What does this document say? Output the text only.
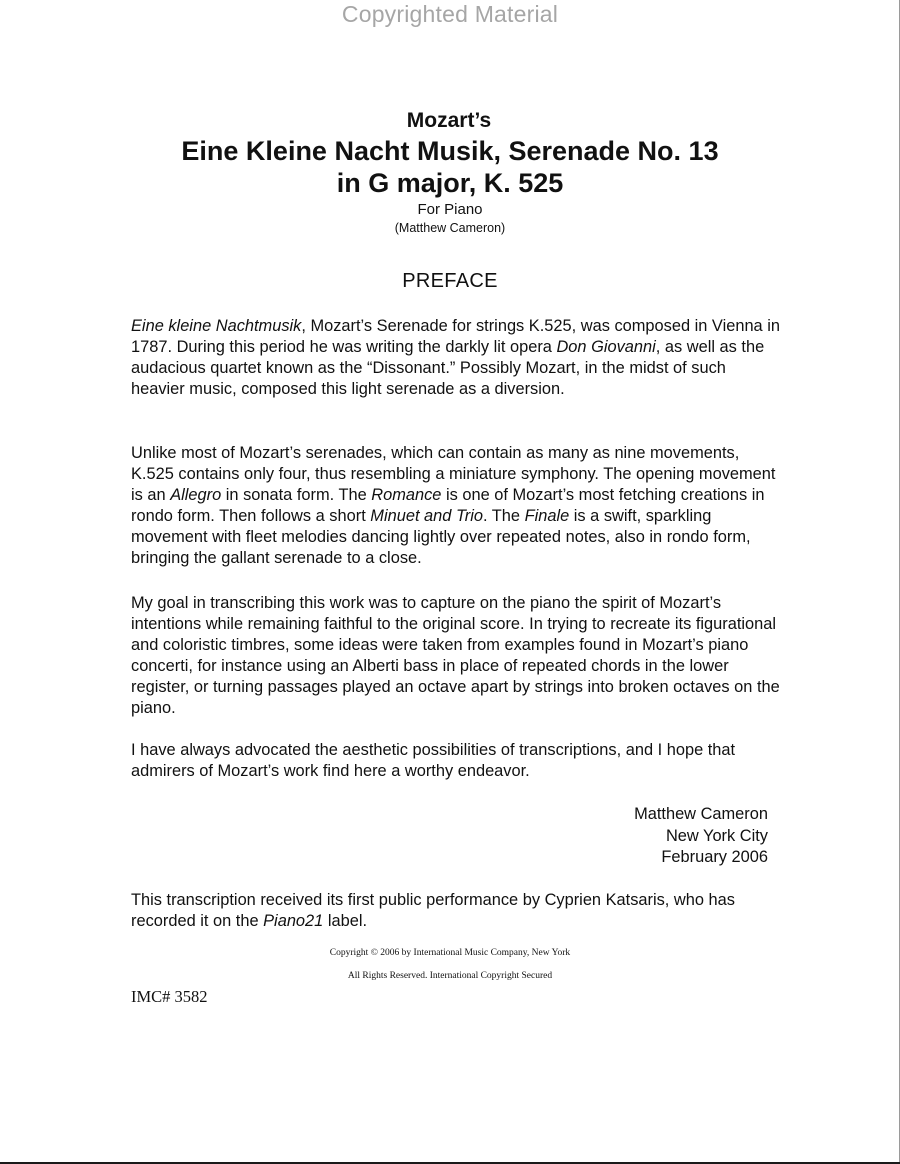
Copyrighted Material
Mozart’s
Eine Kleine Nacht Musik, Serenade No. 13
in G major, K. 525
For Piano
(Matthew Cameron)
PREFACE

Eine kleine Nachtmusik, Mozart’s Serenade for strings K.525, was composed in Vienna in 1787. During this period he was writing the darkly lit opera Don Giovanni, as well as the audacious quartet known as the “Dissonant.” Possibly Mozart, in the midst of such heavier music, composed this light serenade as a diversion.

Unlike most of Mozart’s serenades, which can contain as many as nine movements, K.525 contains only four, thus resembling a miniature symphony. The opening movement is an Allegro in sonata form. The Romance is one of Mozart’s most fetching creations in rondo form. Then follows a short Minuet and Trio. The Finale is a swift, sparkling movement with fleet melodies dancing lightly over repeated notes, also in rondo form, bringing the gallant serenade to a close.

My goal in transcribing this work was to capture on the piano the spirit of Mozart’s intentions while remaining faithful to the original score. In trying to recreate its figurational and coloristic timbres, some ideas were taken from examples found in Mozart’s piano concerti, for instance using an Alberti bass in place of repeated chords in the lower register, or turning passages played an octave apart by strings into broken octaves on the piano.

I have always advocated the aesthetic possibilities of transcriptions, and I hope that admirers of Mozart’s work find here a worthy endeavor.

Matthew Cameron
New York City
February 2006

This transcription received its first public performance by Cyprien Katsaris, who has recorded it on the Piano21 label.

Copyright © 2006 by International Music Company, New York
All Rights Reserved. International Copyright Secured
IMC# 3582
